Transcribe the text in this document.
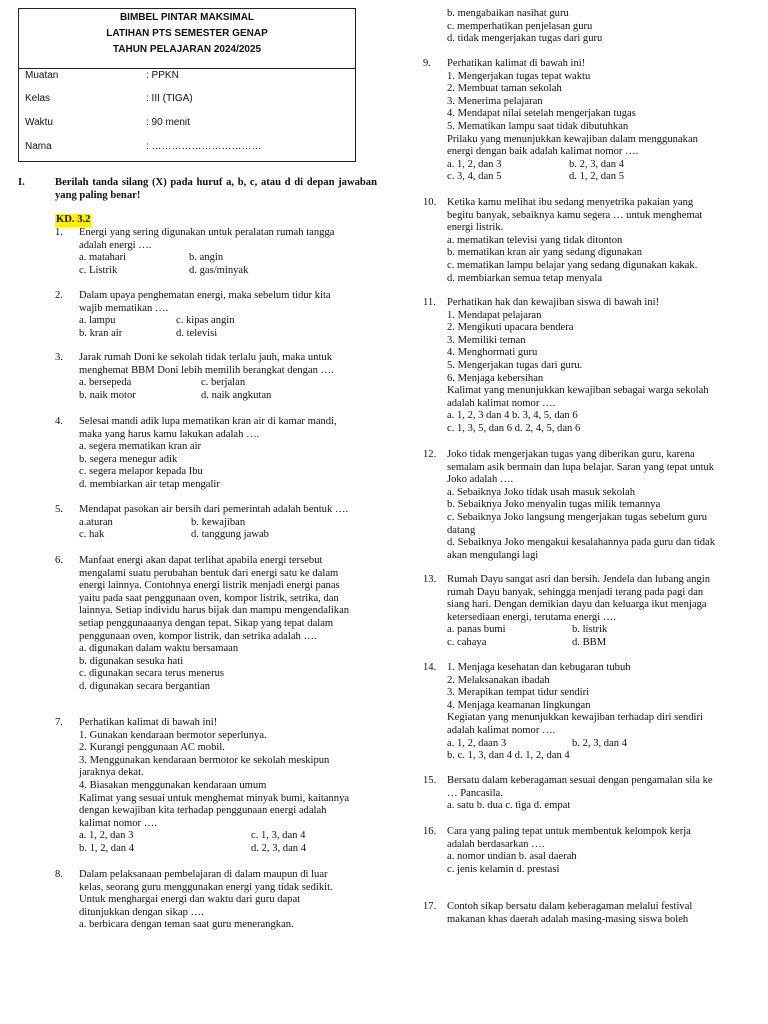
BIMBEL PINTAR MAKSIMAL
LATIHAN PTS SEMESTER GENAP
TAHUN PELAJARAN 2024/2025
Muatan	: PPKN
Kelas	: III (TIGA)
Waktu	: 90 menit
Nama	: ……………………………
I.	Berilah tanda silang (X) pada huruf a, b, c, atau d di depan jawaban yang paling benar!
KD. 3.2
1. Energi yang sering digunakan untuk peralatan rumah tangga
adalah energi ….
a. matahari	b. angin
c. Listrik	d. gas/minyak
2. Dalam upaya penghematan energi, maka sebelum tidur kita
wajib mematikan ….
a. lampu	c. kipas angin
b. kran air	d. televisi
3. Jarak rumah Doni ke sekolah tidak terlalu jauh, maka untuk
menghemat BBM Doni lebih memilih berangkat dengan ….
a. bersepeda	c. berjalan
b. naik motor	d. naik angkutan
4. Selesai mandi adik lupa mematikan kran air di kamar mandi,
maka yang harus kamu lakukan adalah ….
a. segera mematikan kran air
b. segera menegur adik
c. segera melapor kepada Ibu
d. membiarkan air tetap mengalir
5. Mendapat pasokan air bersih dari pemerintah adalah bentuk ….
a.aturan	b. kewajiban
c. hak	d. tanggung jawab
6. Manfaat energi akan dapat terlihat apabila energi tersebut
mengalami suatu perubahan bentuk dari energi satu ke dalam
energi lainnya. Contohnya energi listrik menjadi energi panas
yaitu pada saat penggunaan oven, kompor listrik, setrika, dan
lainnya. Setiap individu harus bijak dan mampu mengendalikan
setiap penggunaaanya dengan tepat. Sikap yang tepat dalam
penggunaan oven, kompor listrik, dan setrika adalah ….
a. digunakan dalam waktu bersamaan
b. digunakan sesuka hati
c. digunakan secara terus menerus
d. digunakan secara bergantian
7. Perhatikan kalimat di bawah ini!
1. Gunakan kendaraan bermotor seperlunya.
2. Kurangi penggunaan AC mobil.
3. Menggunakan kendaraan bermotor ke sekolah meskipun
jaraknya dekat.
4. Biasakan menggunakan kendaraan umum
Kalimat yang sesuai untuk menghemat minyak bumi, kaitannya
dengan kewajiban kita terhadap penggunaan energi adalah
kalimat nomor ….
a. 1, 2, dan 3	c. 1, 3, dan 4
b. 1, 2, dan 4	d. 2, 3, dan 4
8. Dalam pelaksanaan pembelajaran di dalam maupun di luar
kelas, seorang guru menggunakan energi yang tidak sedikit.
Untuk menghargai energi dan waktu dari guru dapat
ditunjukkan dengan sikap ….
a. berbicara dengan teman saat guru menerangkan.
b. mengabaikan nasihat guru
c. memperhatikan penjelasan guru
d. tidak mengerjakan tugas dari guru
9. Perhatikan kalimat di bawah ini!
1. Mengerjakan tugas tepat waktu
2. Membuat taman sekolah
3. Menerima pelajaran
4. Mendapat nilai setelah mengerjakan tugas
5. Mematikan lampu saat tidak dibutuhkan
Prilaku yang menunjukkan kewajiban dalam menggunakan
energi dengan baik adalah kalimat nomor ….
a. 1, 2, dan 3	b. 2, 3, dan 4
c. 3, 4, dan 5	d. 1, 2, dan 5
10. Ketika kamu melihat ibu sedang menyetrika pakaian yang
begitu banyak, sebaiknya kamu segera … untuk menghemat
energi listrik.
a. mematikan televisi yang tidak ditonton
b. mematikan kran air yang sedang digunakan
c. mematikan lampu belajar yang sedang digunakan kakak.
d. membiarkan semua tetap menyala
11. Perhatikan hak dan kewajiban siswa di bawah ini!
1. Mendapat pelajaran
2. Mengikuti upacara bendera
3. Memiliki teman
4. Menghormati guru
5. Mengerjakan tugas dari guru.
6. Menjaga kebersihan
Kalimat yang menunjukkan kewajiban sebagai warga sekolah
adalah kalimat nomor ….
a. 1, 2, 3 dan 4 b. 3, 4, 5, dan 6
c. 1, 3, 5, dan 6 d. 2, 4, 5, dan 6
12. Joko tidak mengerjakan tugas yang diberikan guru, karena
semalam asik bermain dan lupa belajar. Saran yang tepat untuk
Joko adalah ….
a. Sebaiknya Joko tidak usah masuk sekolah
b. Sebaiknya Joko menyalin tugas milik temannya
c. Sebaiknya Joko langsung mengerjakan tugas sebelum guru
datang
d. Sebaiknya Joko mengakui kesalahannya pada guru dan tidak
akan mengulangi lagi
13. Rumah Dayu sangat asri dan bersih. Jendela dan lubang angin
rumah Dayu banyak, sehingga menjadi terang pada pagi dan
siang hari. Dengan demikian dayu dan keluarga ikut menjaga
ketersediaan energi, terutama energi ….
a. panas bumi	b. listrik
c. cahaya	d. BBM
14. 1. Menjaga kesehatan dan kebugaran tubuh
2. Melaksanakan ibadah
3. Merapikan tempat tidur sendiri
4. Menjaga keamanan lingkungan
Kegiatan yang menunjukkan kewajiban terhadap diri sendiri
adalah kalimat nomor ….
a. 1, 2, daan 3	b. 2, 3, dan 4
b. c. 1, 3, dan 4 d. 1, 2, dan 4
15. Bersatu dalam keberagaman sesuai dengan pengamalan sila ke
… Pancasila.
a. satu b. dua c. tiga d. empat
16. Cara yang paling tepat untuk membentuk kelompok kerja
adalah berdasarkan ….
a. nomor undian b. asal daerah
c. jenis kelamin d. prestasi
17. Contoh sikap bersatu dalam keberagaman melalui festival
makanan khas daerah adalah masing-masing siswa boleh
